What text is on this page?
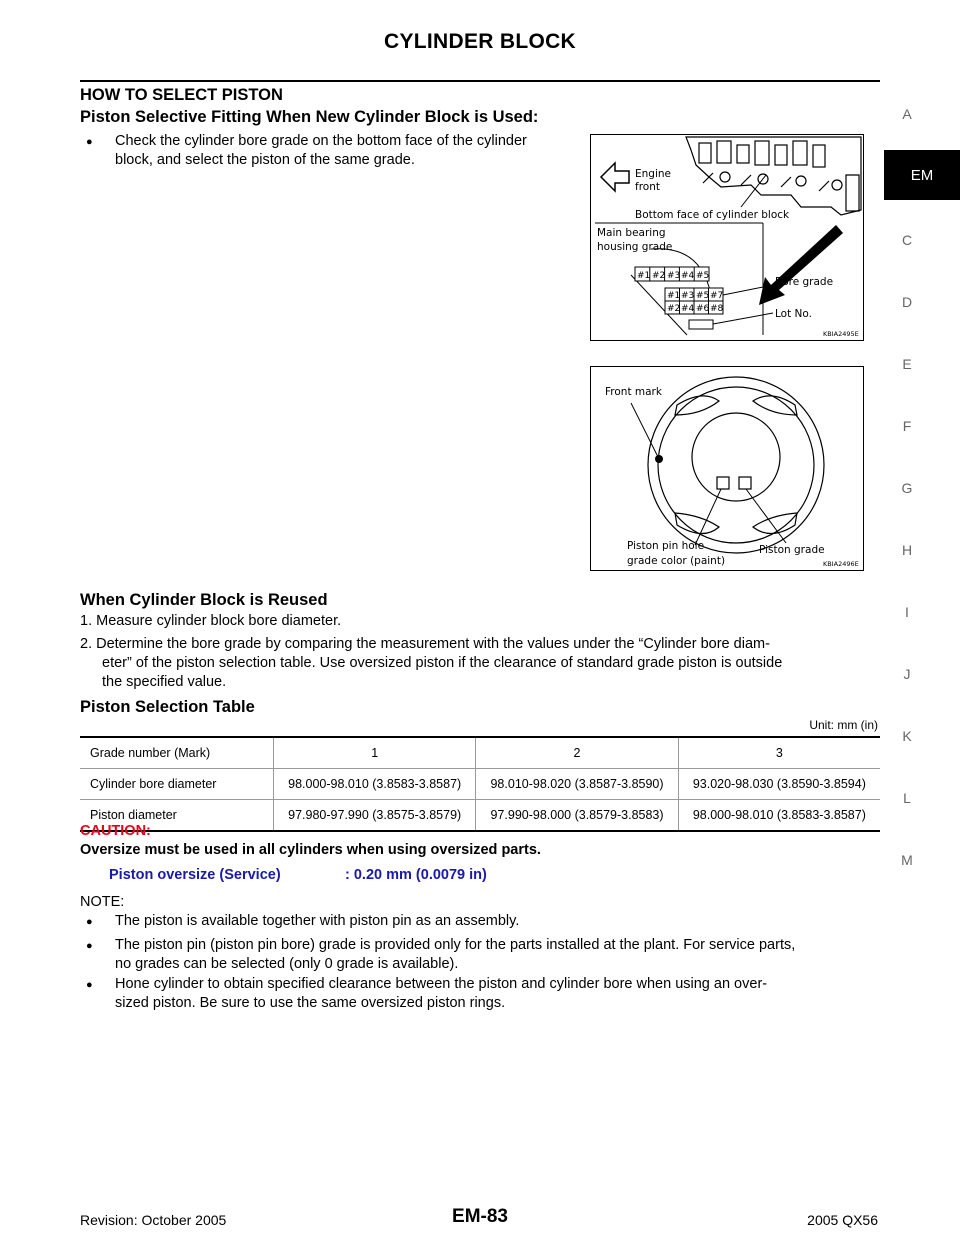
CYLINDER BLOCK
A
EM
C
D
E
F
G
H
I
J
K
L
M
HOW TO SELECT PISTON
Piston Selective Fitting When New Cylinder Block is Used:
● Check the cylinder bore grade on the bottom face of the cylinder
block, and select the piston of the same grade.
Engine
front
Bottom face of cylinder block
Main bearing
housing grade
#1 #2 #3 #4 #5
#1 #3 #5 #7
#2 #4 #6 #8
Bore grade
Lot No.
KBIA2495E
Front mark
Piston pin hole
grade color (paint)
Piston grade
KBIA2496E
When Cylinder Block is Reused
1. Measure cylinder block bore diameter.
2. Determine the bore grade by comparing the measurement with the values under the “Cylinder bore diam-
eter” of the piston selection table. Use oversized piston if the clearance of standard grade piston is outside
the specified value.
Piston Selection Table
Unit: mm (in)
Grade number (Mark)	1	2	3
Cylinder bore diameter	98.000-98.010 (3.8583-3.8587)	98.010-98.020 (3.8587-3.8590)	93.020-98.030 (3.8590-3.8594)
Piston diameter	97.980-97.990 (3.8575-3.8579)	97.990-98.000 (3.8579-3.8583)	98.000-98.010 (3.8583-3.8587)
CAUTION:
Oversize must be used in all cylinders when using oversized parts.
Piston oversize (Service)	: 0.20 mm (0.0079 in)
NOTE:
● The piston is available together with piston pin as an assembly.
● The piston pin (piston pin bore) grade is provided only for the parts installed at the plant. For service parts,
no grades can be selected (only 0 grade is available).
● Hone cylinder to obtain specified clearance between the piston and cylinder bore when using an over-
sized piston. Be sure to use the same oversized piston rings.
Revision: October 2005	EM-83	2005 QX56
